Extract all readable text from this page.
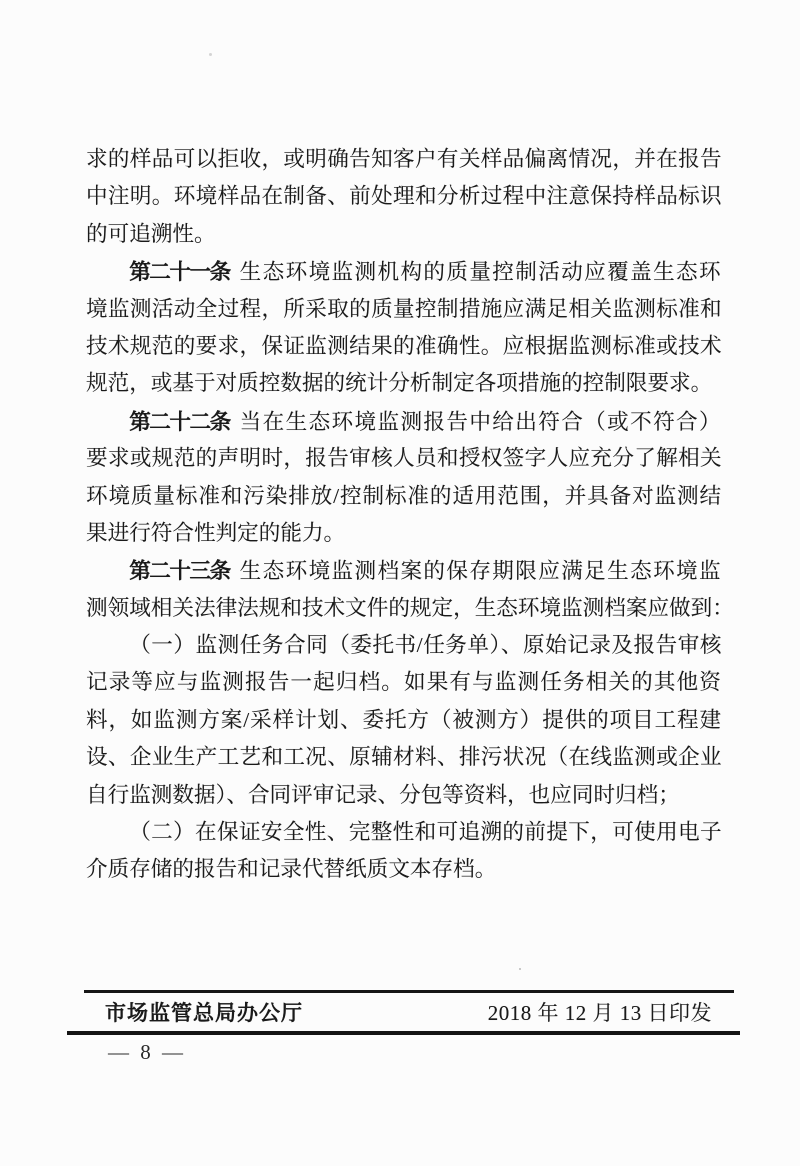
求的样品可以拒收，或明确告知客户有关样品偏离情况，并在报告
中注明。环境样品在制备、前处理和分析过程中注意保持样品标识
的可追溯性。
第二十一条 生态环境监测机构的质量控制活动应覆盖生态环
境监测活动全过程，所采取的质量控制措施应满足相关监测标准和
技术规范的要求，保证监测结果的准确性。应根据监测标准或技术
规范，或基于对质控数据的统计分析制定各项措施的控制限要求。
第二十二条 当在生态环境监测报告中给出符合（或不符合）
要求或规范的声明时，报告审核人员和授权签字人应充分了解相关
环境质量标准和污染排放/控制标准的适用范围，并具备对监测结
果进行符合性判定的能力。
第二十三条 生态环境监测档案的保存期限应满足生态环境监
测领域相关法律法规和技术文件的规定，生态环境监测档案应做到：
（一）监测任务合同（委托书/任务单）、原始记录及报告审核
记录等应与监测报告一起归档。如果有与监测任务相关的其他资
料，如监测方案/采样计划、委托方（被测方）提供的项目工程建
设、企业生产工艺和工况、原辅材料、排污状况（在线监测或企业
自行监测数据）、合同评审记录、分包等资料，也应同时归档；
（二）在保证安全性、完整性和可追溯的前提下，可使用电子
介质存储的报告和记录代替纸质文本存档。
市场监管总局办公厅	2018 年 12 月 13 日印发
— 8 —
